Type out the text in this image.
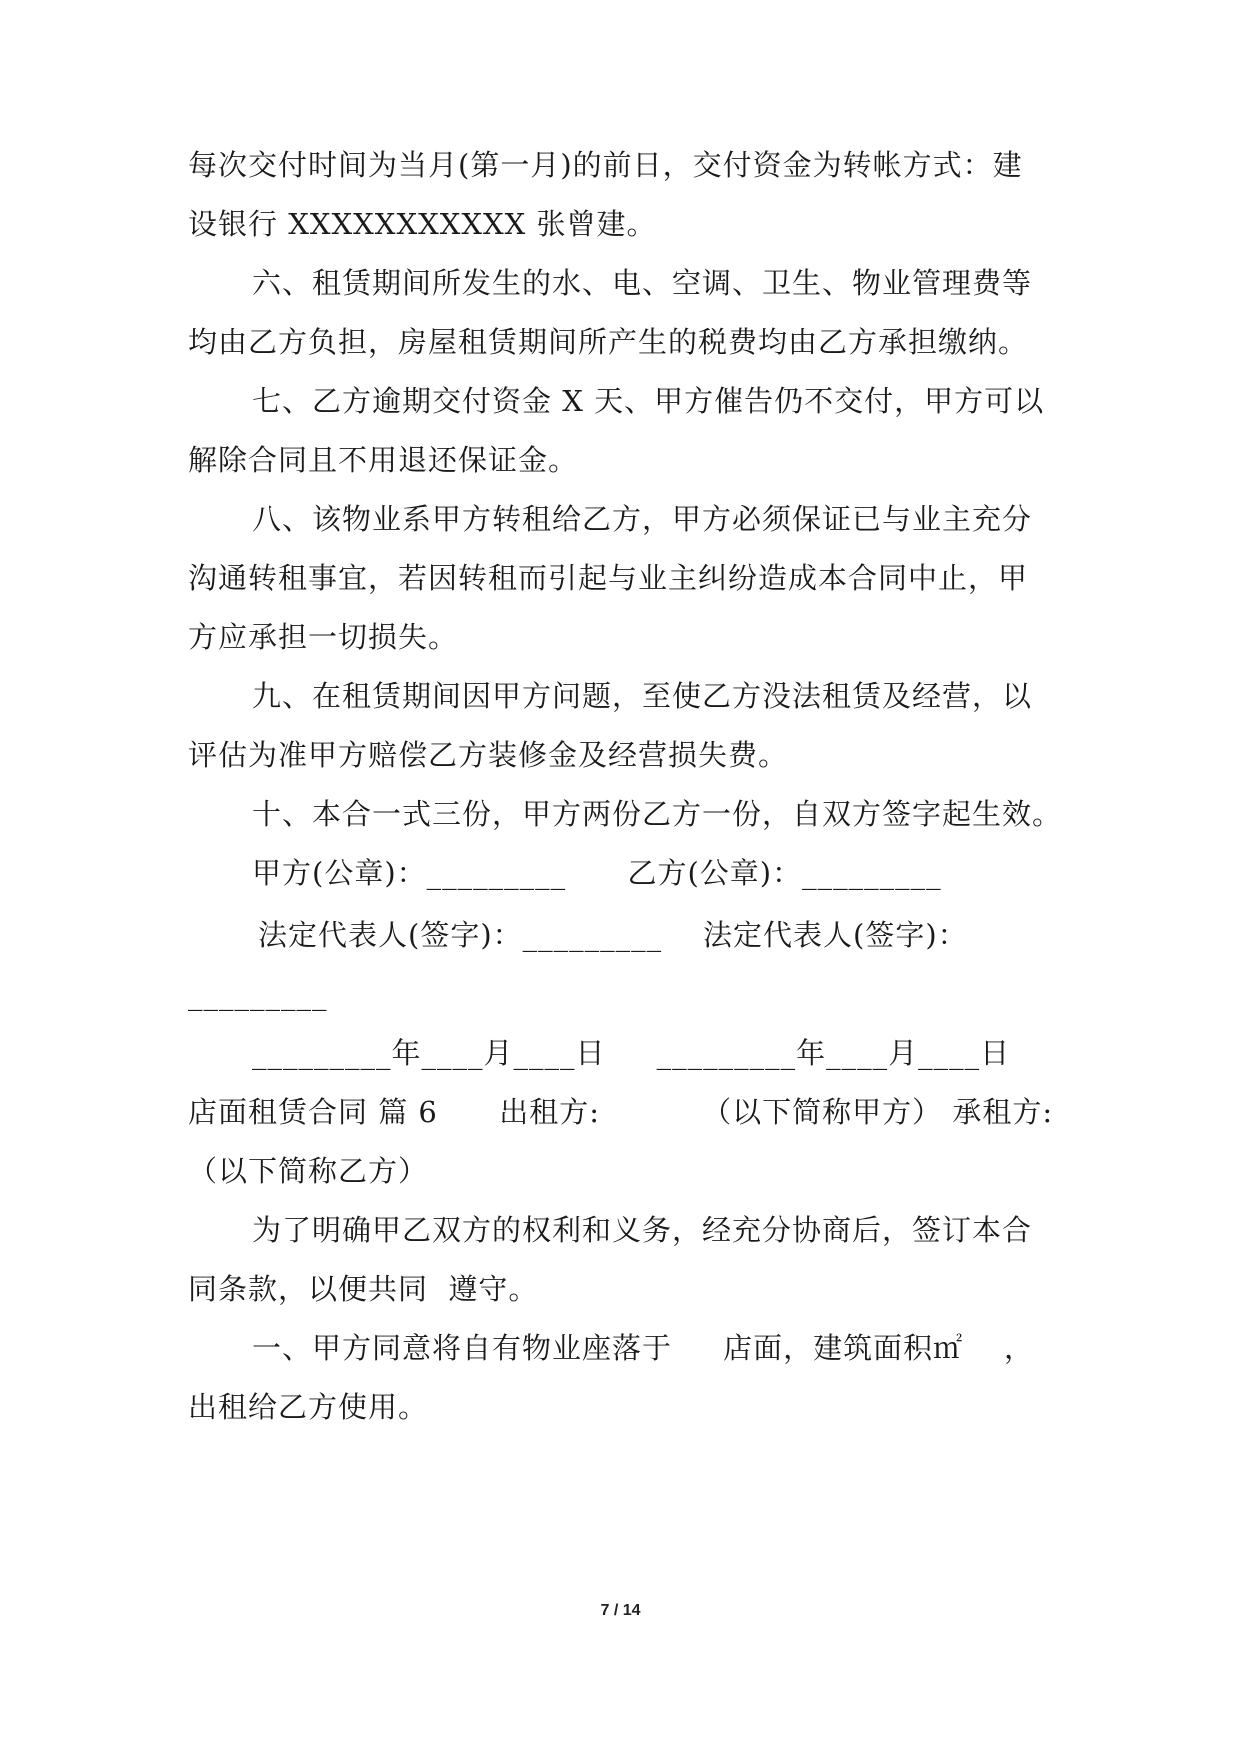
每次交付时间为当月(第一月)的前日，交付资金为转帐方式：建
设银行 XXXXXXXXXXX 张曾建。
六、租赁期间所发生的水、电、空调、卫生、物业管理费等
均由乙方负担，房屋租赁期间所产生的税费均由乙方承担缴纳。
七、乙方逾期交付资金 X 天、甲方催告仍不交付，甲方可以
解除合同且不用退还保证金。
八、该物业系甲方转租给乙方，甲方必须保证已与业主充分
沟通转租事宜，若因转租而引起与业主纠纷造成本合同中止，甲
方应承担一切损失。
九、在租赁期间因甲方问题，至使乙方没法租赁及经营，以
评估为准甲方赔偿乙方装修金及经营损失费。
十、本合一式三份，甲方两份乙方一份，自双方签字起生效。
甲方(公章)：_________      乙方(公章)：_________
法定代表人(签字)：_________    法定代表人(签字)：
_________
_________年____月____日     _________年____月____日
店面租赁合同 篇 6      出租方:          （以下简称甲方） 承租方:
（以下简称乙方）
为了明确甲乙双方的权利和义务，经充分协商后，签订本合
同条款，以便共同  遵守。
一、甲方同意将自有物业座落于     店面，建筑面积㎡    ，
出租给乙方使用。
7 / 14
